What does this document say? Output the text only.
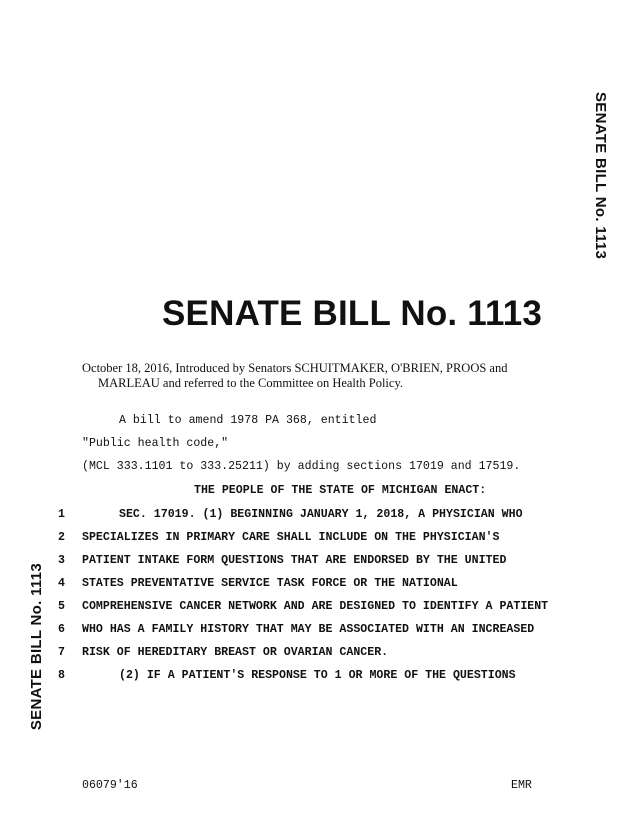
SENATE BILL No. 1113
SENATE BILL No. 1113
SENATE BILL No. 1113
October 18, 2016, Introduced by Senators SCHUITMAKER, O'BRIEN, PROOS and
MARLEAU and referred to the Committee on Health Policy.
A bill to amend 1978 PA 368, entitled
"Public health code,"
(MCL 333.1101 to 333.25211) by adding sections 17019 and 17519.
THE PEOPLE OF THE STATE OF MICHIGAN ENACT:
1	SEC. 17019. (1) BEGINNING JANUARY 1, 2018, A PHYSICIAN WHO
2 SPECIALIZES IN PRIMARY CARE SHALL INCLUDE ON THE PHYSICIAN'S
3 PATIENT INTAKE FORM QUESTIONS THAT ARE ENDORSED BY THE UNITED
4 STATES PREVENTATIVE SERVICE TASK FORCE OR THE NATIONAL
5 COMPREHENSIVE CANCER NETWORK AND ARE DESIGNED TO IDENTIFY A PATIENT
6 WHO HAS A FAMILY HISTORY THAT MAY BE ASSOCIATED WITH AN INCREASED
7 RISK OF HEREDITARY BREAST OR OVARIAN CANCER.
8	(2) IF A PATIENT'S RESPONSE TO 1 OR MORE OF THE QUESTIONS
06079'16	EMR
